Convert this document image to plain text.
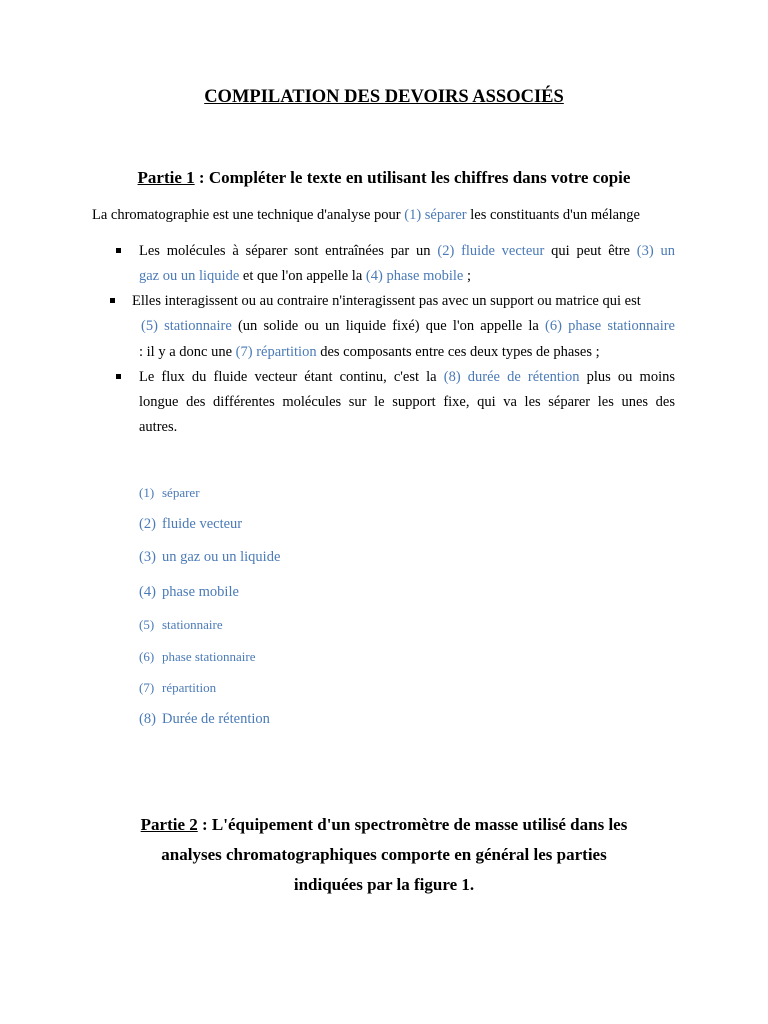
COMPILATION DES DEVOIRS ASSOCIÉS
Partie 1 : Compléter le texte en utilisant les chiffres dans votre copie
La chromatographie est une technique d'analyse pour (1) séparer les constituants d'un mélange
Les molécules à séparer sont entraînées par un (2) fluide vecteur qui peut être (3) un
gaz ou un liquide et que l'on appelle la (4) phase mobile ;
Elles interagissent ou au contraire n'interagissent pas avec un support ou matrice qui est
(5) stationnaire (un solide ou un liquide fixé) que l'on appelle la (6) phase stationnaire
: il y a donc une (7) répartition des composants entre ces deux types de phases ;
Le flux du fluide vecteur étant continu, c'est la (8) durée de rétention plus ou moins
longue des différentes molécules sur le support fixe, qui va les séparer les unes des
autres.
(1) séparer
(2) fluide vecteur
(3) un gaz ou un liquide
(4) phase mobile
(5) stationnaire
(6) phase stationnaire
(7) répartition
(8) Durée de rétention
Partie 2 : L'équipement d'un spectromètre de masse utilisé dans les
analyses chromatographiques comporte en général les parties
indiquées par la figure 1.
